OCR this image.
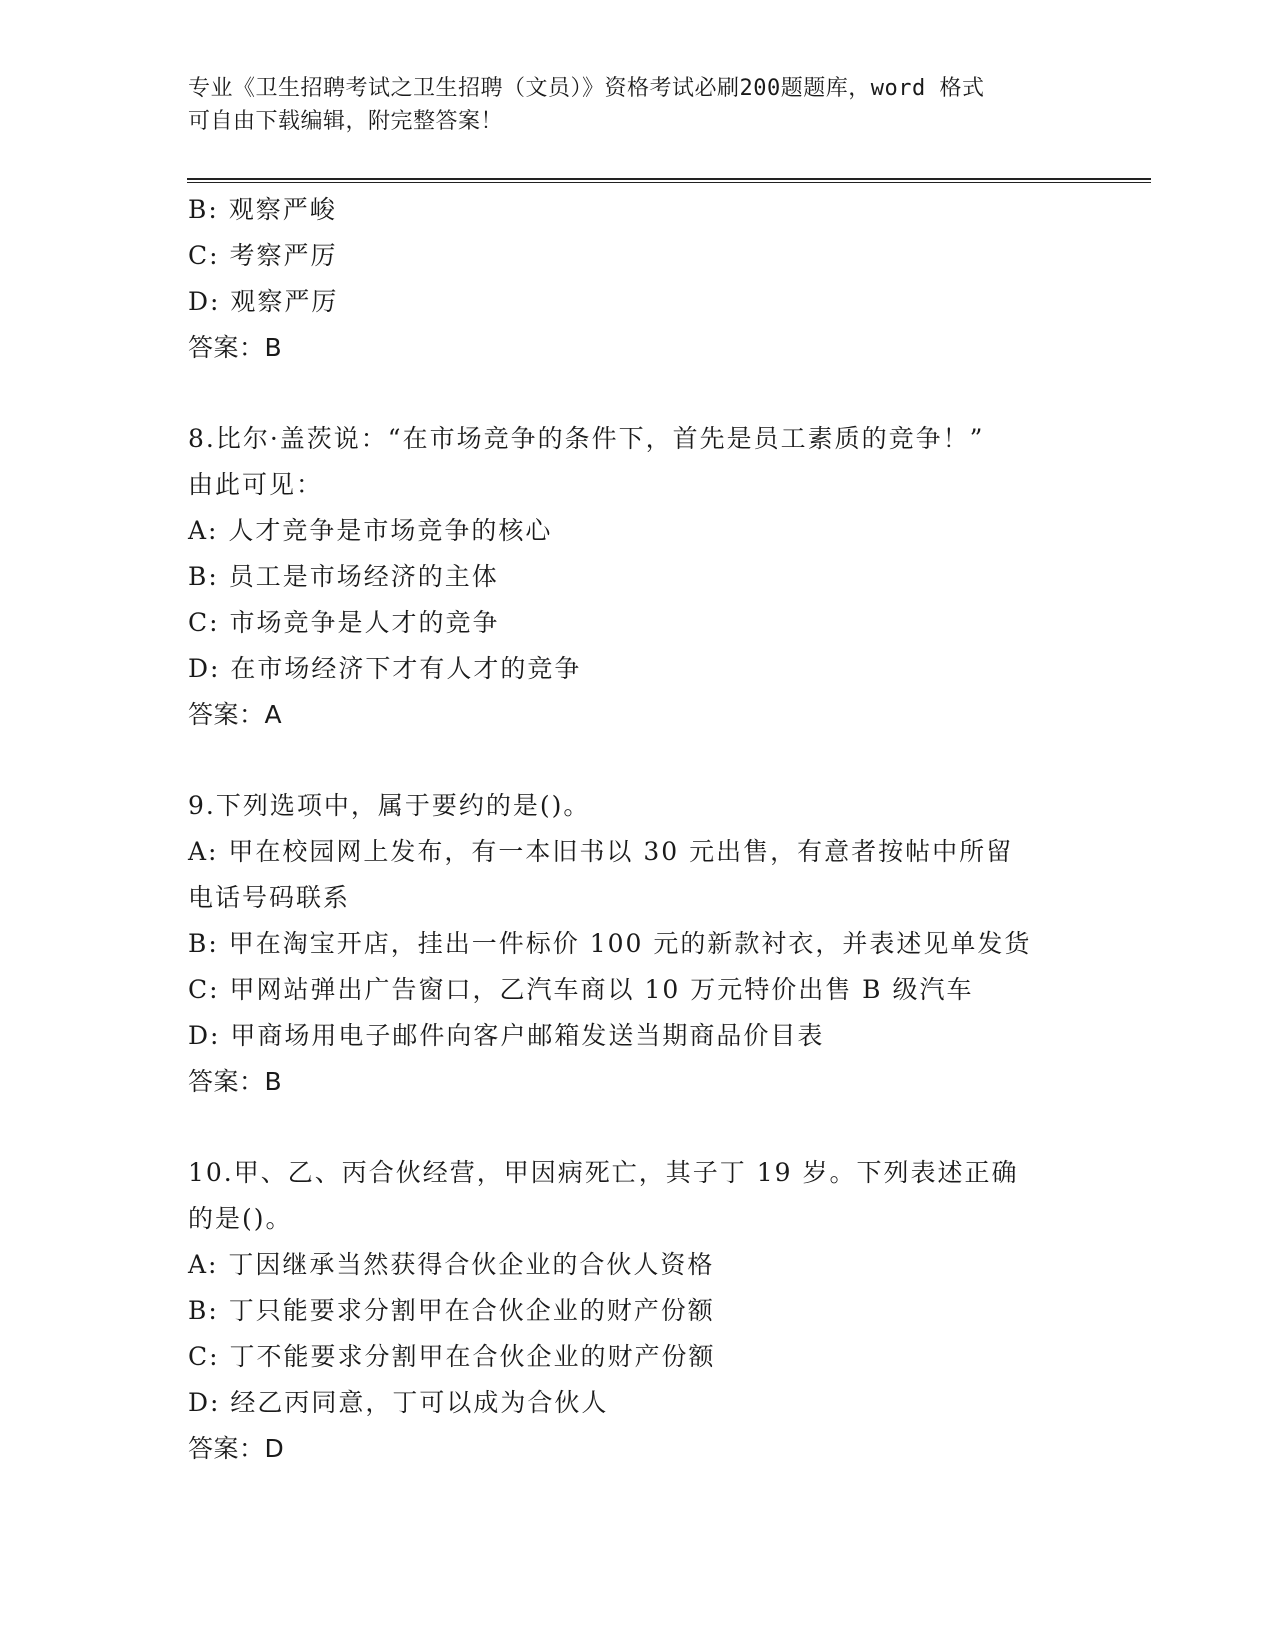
专业《卫生招聘考试之卫生招聘（文员）》资格考试必刷200题题库，word 格式
可自由下载编辑，附完整答案！
B: 观察严峻
C: 考察严厉
D: 观察严厉
答案：B
8.比尔·盖茨说：“在市场竞争的条件下，首先是员工素质的竞争！”
由此可见：
A: 人才竞争是市场竞争的核心
B: 员工是市场经济的主体
C: 市场竞争是人才的竞争
D: 在市场经济下才有人才的竞争
答案：A
9.下列选项中，属于要约的是()。
A: 甲在校园网上发布，有一本旧书以 30 元出售，有意者按帖中所留
电话号码联系
B: 甲在淘宝开店，挂出一件标价 100 元的新款衬衣，并表述见单发货
C: 甲网站弹出广告窗口，乙汽车商以 10 万元特价出售 B 级汽车
D: 甲商场用电子邮件向客户邮箱发送当期商品价目表
答案：B
10.甲、乙、丙合伙经营，甲因病死亡，其子丁 19 岁。下列表述正确
的是()。
A: 丁因继承当然获得合伙企业的合伙人资格
B: 丁只能要求分割甲在合伙企业的财产份额
C: 丁不能要求分割甲在合伙企业的财产份额
D: 经乙丙同意，丁可以成为合伙人
答案：D
